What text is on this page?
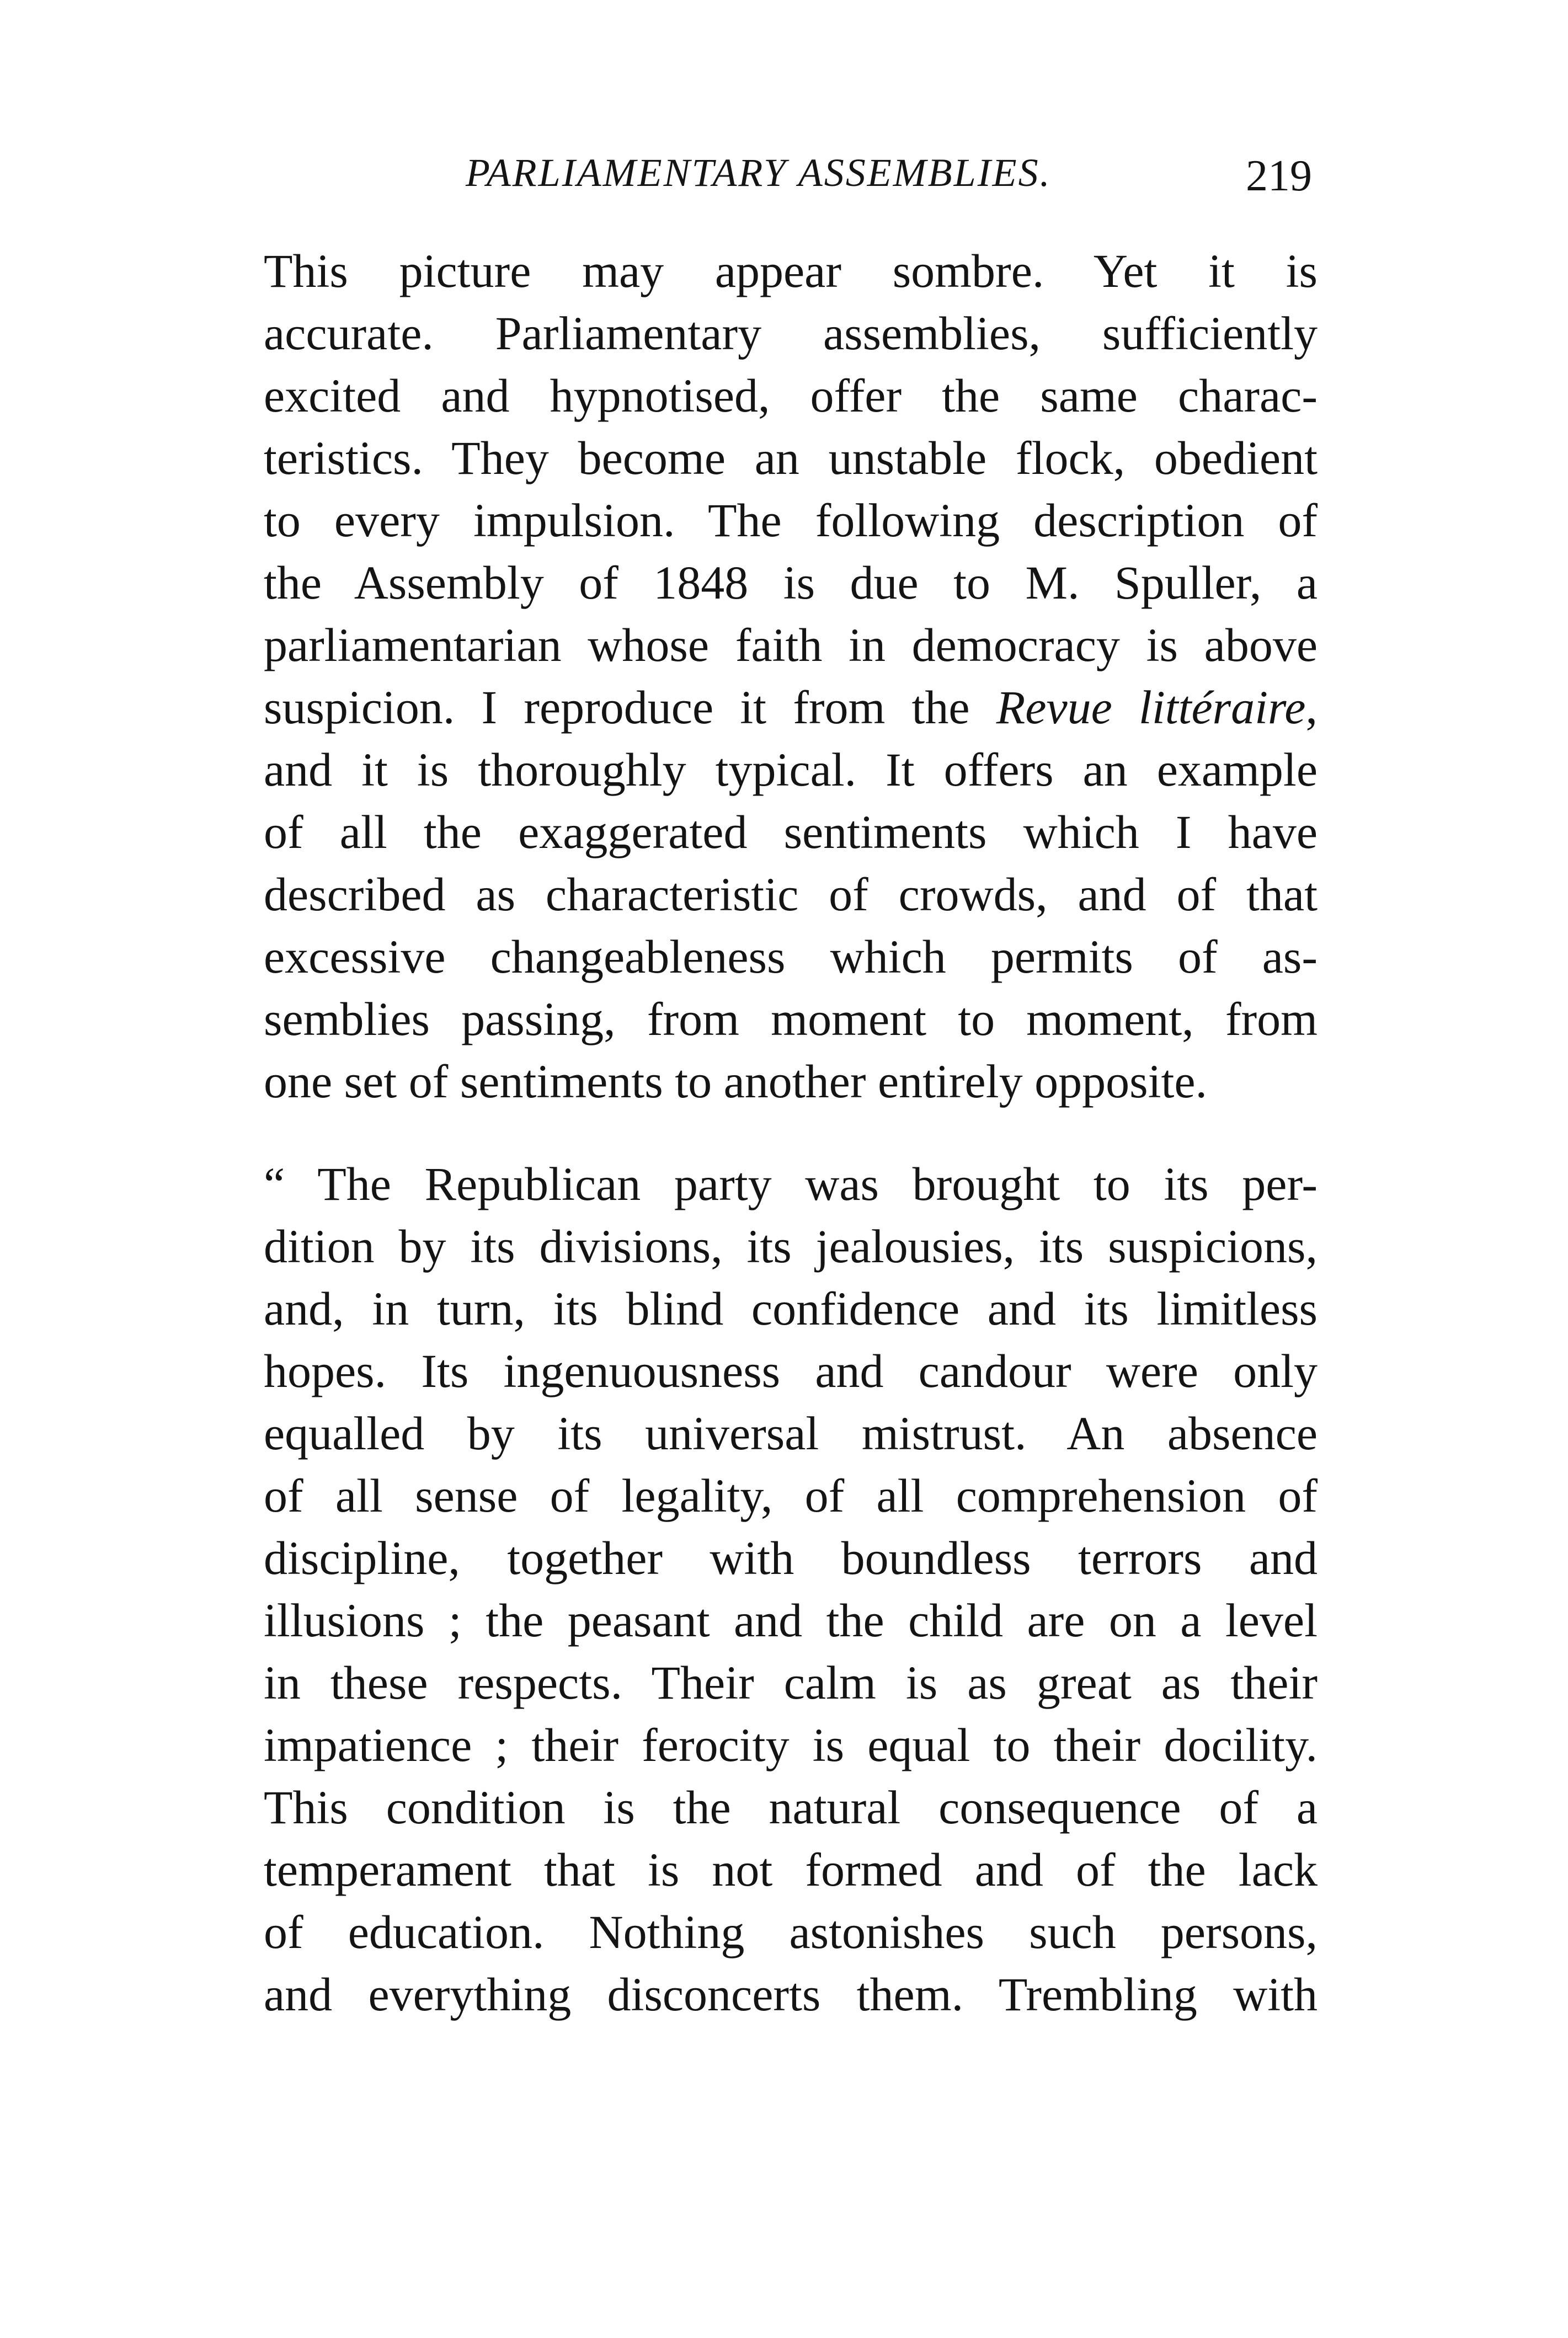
PARLIAMENTARY ASSEMBLIES.	219
This picture may appear sombre. Yet it is
accurate. Parliamentary assemblies, sufficiently
excited and hypnotised, offer the same charac-
teristics. They become an unstable flock, obedient
to every impulsion. The following description of
the Assembly of 1848 is due to M. Spuller, a
parliamentarian whose faith in democracy is above
suspicion. I reproduce it from the Revue littéraire,
and it is thoroughly typical. It offers an example
of all the exaggerated sentiments which I have
described as characteristic of crowds, and of that
excessive changeableness which permits of as-
semblies passing, from moment to moment, from
one set of sentiments to another entirely opposite.
“ The Republican party was brought to its per-
dition by its divisions, its jealousies, its suspicions,
and, in turn, its blind confidence and its limitless
hopes. Its ingenuousness and candour were only
equalled by its universal mistrust. An absence
of all sense of legality, of all comprehension of
discipline, together with boundless terrors and
illusions ; the peasant and the child are on a level
in these respects. Their calm is as great as their
impatience ; their ferocity is equal to their docility.
This condition is the natural consequence of a
temperament that is not formed and of the lack
of education. Nothing astonishes such persons,
and everything disconcerts them. Trembling with
